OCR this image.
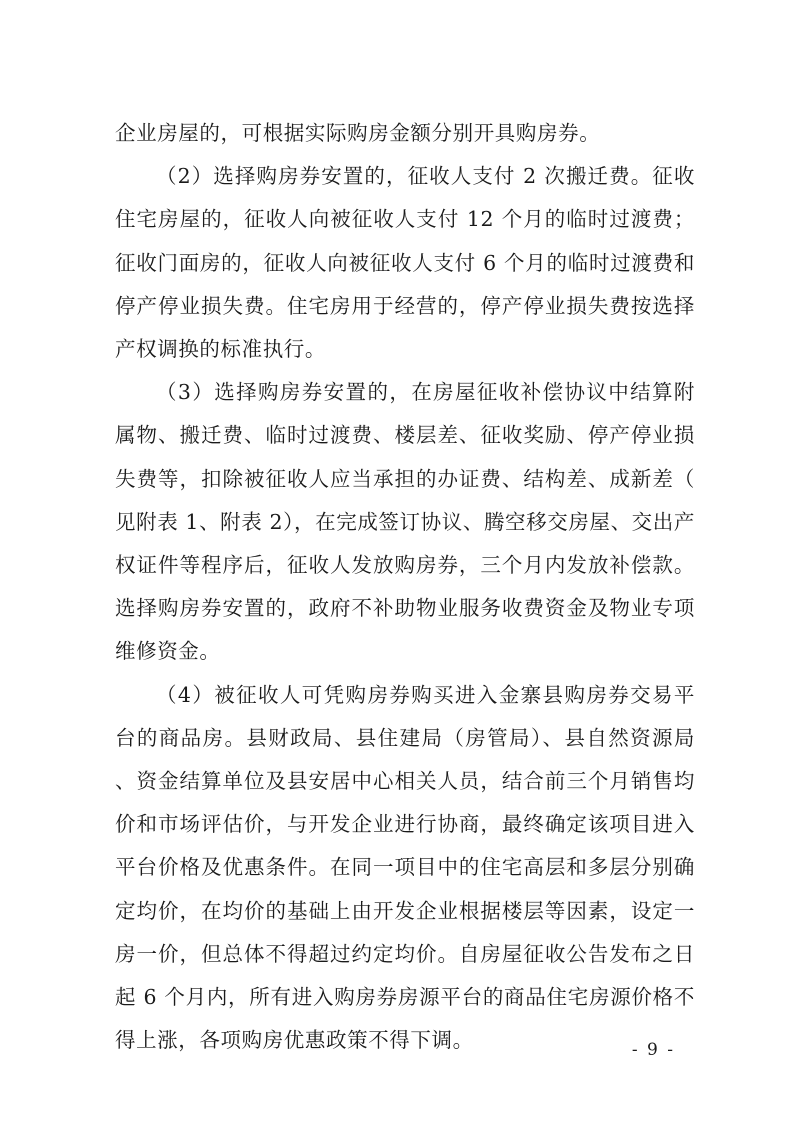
企业房屋的，可根据实际购房金额分别开具购房券。

（2）选择购房券安置的，征收人支付 2 次搬迁费。征收住宅房屋的，征收人向被征收人支付 12 个月的临时过渡费；征收门面房的，征收人向被征收人支付 6 个月的临时过渡费和停产停业损失费。住宅房用于经营的，停产停业损失费按选择产权调换的标准执行。

（3）选择购房券安置的，在房屋征收补偿协议中结算附属物、搬迁费、临时过渡费、楼层差、征收奖励、停产停业损失费等，扣除被征收人应当承担的办证费、结构差、成新差（见附表 1、附表 2），在完成签订协议、腾空移交房屋、交出产权证件等程序后，征收人发放购房券，三个月内发放补偿款。选择购房券安置的，政府不补助物业服务收费资金及物业专项维修资金。

（4）被征收人可凭购房券购买进入金寨县购房券交易平台的商品房。县财政局、县住建局（房管局）、县自然资源局、资金结算单位及县安居中心相关人员，结合前三个月销售均价和市场评估价，与开发企业进行协商，最终确定该项目进入平台价格及优惠条件。在同一项目中的住宅高层和多层分别确定均价，在均价的基础上由开发企业根据楼层等因素，设定一房一价，但总体不得超过约定均价。自房屋征收公告发布之日起 6 个月内，所有进入购房券房源平台的商品住宅房源价格不得上涨，各项购房优惠政策不得下调。	- 9 -
